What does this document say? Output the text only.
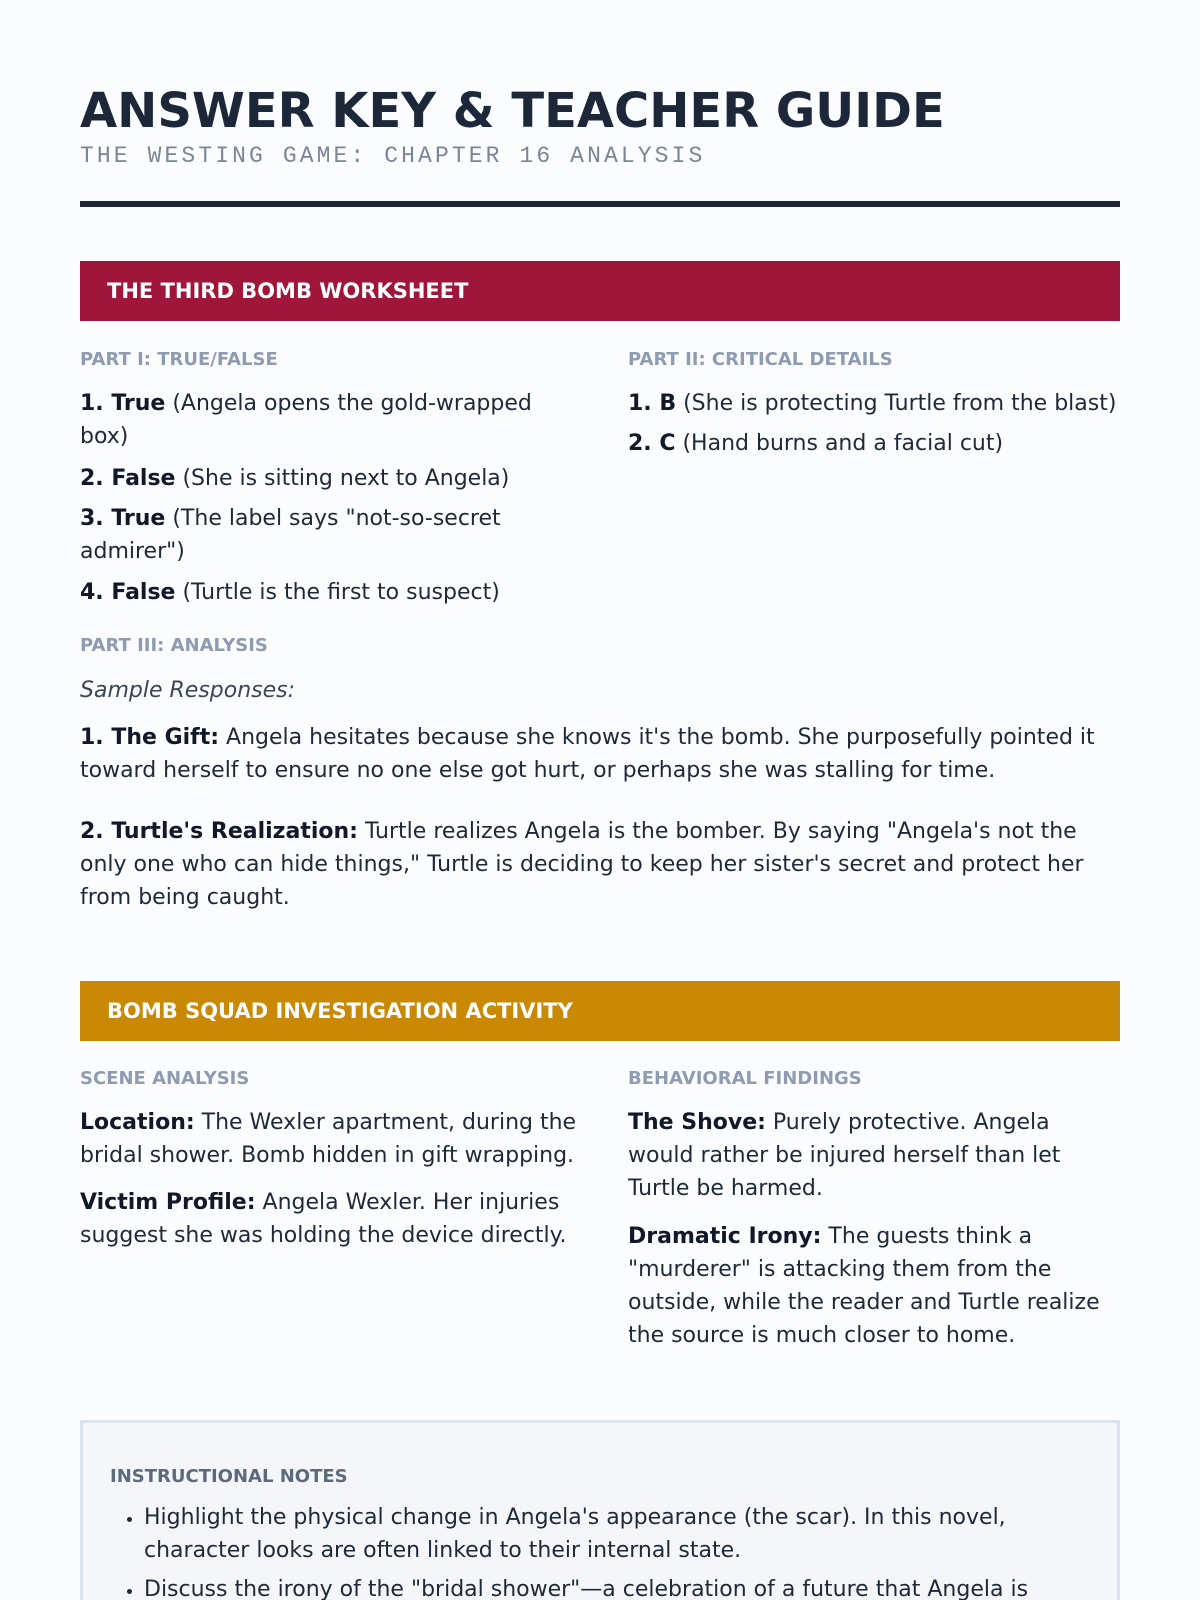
ANSWER KEY & TEACHER GUIDE
THE WESTING GAME: CHAPTER 16 ANALYSIS
THE THIRD BOMB WORKSHEET
PART I: TRUE/FALSE
1. True (Angela opens the gold-wrapped box)
2. False (She is sitting next to Angela)
3. True (The label says "not-so-secret admirer")
4. False (Turtle is the first to suspect)
PART II: CRITICAL DETAILS
1. B (She is protecting Turtle from the blast)
2. C (Hand burns and a facial cut)
PART III: ANALYSIS
Sample Responses:
1. The Gift: Angela hesitates because she knows it's the bomb. She purposefully pointed it toward herself to ensure no one else got hurt, or perhaps she was stalling for time.
2. Turtle's Realization: Turtle realizes Angela is the bomber. By saying "Angela's not the only one who can hide things," Turtle is deciding to keep her sister's secret and protect her from being caught.
BOMB SQUAD INVESTIGATION ACTIVITY
SCENE ANALYSIS
Location: The Wexler apartment, during the bridal shower. Bomb hidden in gift wrapping.
Victim Profile: Angela Wexler. Her injuries suggest she was holding the device directly.
BEHAVIORAL FINDINGS
The Shove: Purely protective. Angela would rather be injured herself than let Turtle be harmed.
Dramatic Irony: The guests think a "murderer" is attacking them from the outside, while the reader and Turtle realize the source is much closer to home.
INSTRUCTIONAL NOTES
• Highlight the physical change in Angela's appearance (the scar). In this novel, character looks are often linked to their internal state.
• Discuss the irony of the "bridal shower"—a celebration of a future that Angela is
